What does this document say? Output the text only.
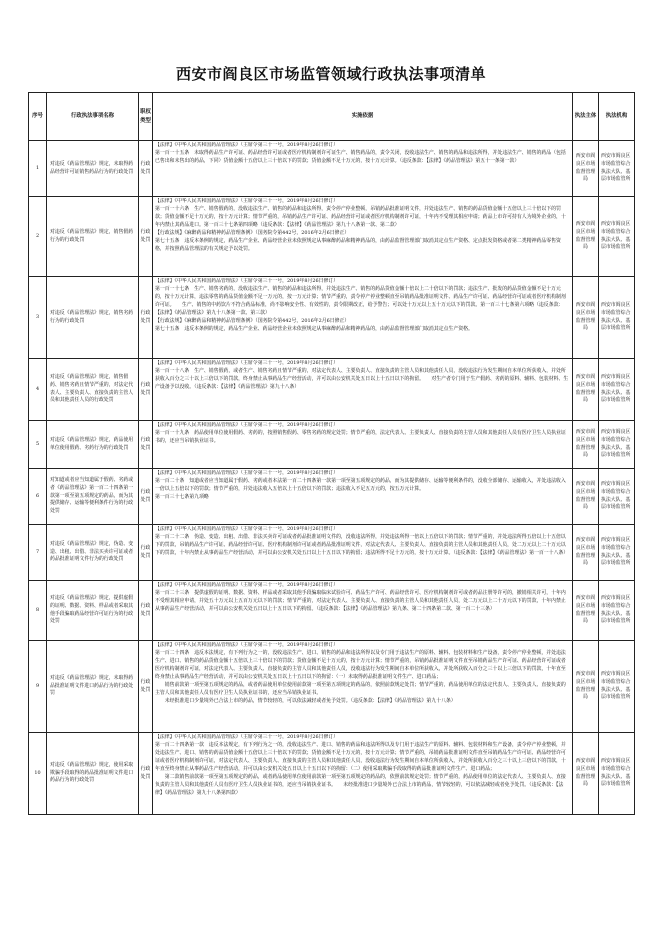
西安市阎良区市场监管领域行政执法事项清单
序号	行政执法事项名称	职权类型	实施依据	执法主体	执法机构
1	对违反《药品管理法》规定，未取得药品经营许可证销售药品行为的行政处罚	行政处罚	【法律】《中华人民共和国药品管理法》（主席令第三十一号，2019年8月26日修订）
第一百一十五条　未取得药品生产许可证、药品经营许可证或者医疗机构制剂许可证生产、销售药品的，责令关闭，没收违法生产、销售的药品和违法所得，并处违法生产、销售的药品（包括已售出和未售出的药品，下同）货值金额十五倍以上三十倍以下的罚款；货值金额不足十万元的，按十万元计算。（违反条款：【法律】《药品管理法》第五十一条第一款）	西安市阎良区市场监督管理局	西安市阎良区市场监管综合执法大队、基层市场监管所
2	对违反《药品管理法》规定，销售假药行为的行政处罚	行政处罚	【法律】《中华人民共和国药品管理法》（主席令第三十一号，2019年8月26日修订）
第一百一十六条　生产、销售假药的，没收违法生产、销售的药品和违法所得，责令停产停业整顿，吊销药品批准证明文件，并处违法生产、销售的药品货值金额十五倍以上三十倍以下的罚款；货值金额不足十万元的，按十万元计算；情节严重的，吊销药品生产许可证、药品经营许可证或者医疗机构制剂许可证，十年内不受理其相应申请；药品上市许可持有人为境外企业的，十年内禁止其药品进口。第一百三十七条第四项略（违反条款：【法律】《药品管理法》第九十八条第一款、第二款）
【行政法规】《麻醉药品和精神药品管理条例》（国务院令第442号，2016年2月6日修正）
第七十五条　违反本条例的规定，药品生产企业、药品经营企业未依照规定从事麻醉药品和精神药品的，由药品监督管理部门取消其定点生产资格、定点批发资格或者第二类精神药品零售资格，并按照药品管理法的有关规定予以处罚。	西安市阎良区市场监督管理局	西安市阎良区市场监管综合执法大队、基层市场监管所
3	对违反《药品管理法》规定，销售劣药行为的行政处罚	行政处罚	【法律】《中华人民共和国药品管理法》（主席令第三十一号，2019年8月26日修订）
第一百一十七条　生产、销售劣药的，没收违法生产、销售的药品和违法所得，并处违法生产、销售的药品货值金额十倍以上二十倍以下的罚款；违法生产、批发的药品货值金额不足十万元的，按十万元计算，违法零售的药品货值金额不足一万元的，按一万元计算；情节严重的，责令停产停业整顿直至吊销药品批准证明文件、药品生产许可证、药品经营许可证或者医疗机构制剂许可证。　　生产、销售的中药饮片不符合药品标准，尚不影响安全性、有效性的，责令限期改正，给予警告；可以处十万元以上五十万元以下的罚款。第一百三十七条第六项略（违反条款：【法律】《药品管理法》第九十八条第一款、第三款）
【行政法规】《麻醉药品和精神药品管理条例》（国务院令第442号，2016年2月6日修正）
第七十五条　违反本条例的规定，药品生产企业、药品经营企业未依照规定从事麻醉药品和精神药品的，由药品监督管理部门取消其定点生产资格。	西安市阎良区市场监督管理局	西安市阎良区市场监管综合执法大队、基层市场监管所
4	对违反《药品管理法》规定，销售假药、销售劣药且情节严重的，对法定代表人、主要负责人、直接负责的主管人员和其他责任人员的行政处罚	行政处罚	【法律】《中华人民共和国药品管理法》（主席令第三十一号，2019年8月26日修订）
第一百一十八条　生产、销售假药，或者生产、销售劣药且情节严重的，对法定代表人、主要负责人、直接负责的主管人员和其他责任人员，没收违法行为发生期间自本单位所获收入，并处所获收入百分之三十以上三倍以下的罚款，终身禁止从事药品生产经营活动，并可以由公安机关处五日以上十五日以下的拘留。　　对生产者专门用于生产假药、劣药的原料、辅料、包装材料、生产设备予以没收。（违反条款：【法律】《药品管理法》第九十八条）	西安市阎良区市场监督管理局	西安市阎良区市场监管综合执法大队、基层市场监管所
5	对违反《药品管理法》规定，药品使用单位使用假药、劣药行为的行政处罚	行政处罚	【法律】《中华人民共和国药品管理法》（主席令第三十一号，2019年8月26日修订）
第一百一十九条　药品使用单位使用假药、劣药的，按照销售假药、零售劣药的规定处罚；情节严重的，法定代表人、主要负责人、直接负责的主管人员和其他责任人员有医疗卫生人员执业证书的，还应当吊销执业证书。	西安市阎良区市场监督管理局	西安市阎良区市场监管综合执法大队、基层市场监管所
6	对知道或者应当知道属于假药、劣药或者《药品管理法》第一百二十四条第一款第一项至第五项规定的药品，而为其提供储存、运输等便利条件行为的行政处罚	行政处罚	【法律】《中华人民共和国药品管理法》（主席令第三十一号，2019年8月26日修订）
第一百二十条　知道或者应当知道属于假药、劣药或者本法第一百二十四条第一款第一项至第五项规定的药品，而为其提供储存、运输等便利条件的，没收全部储存、运输收入，并处违法收入一倍以上五倍以下的罚款；情节严重的，并处违法收入五倍以上十五倍以下的罚款；违法收入不足五万元的，按五万元计算。
第一百三十七条第九项略	西安市阎良区市场监督管理局	西安市阎良区市场监管综合执法大队、基层市场监管所
7	对违反《药品管理法》规定，伪造、变造、出租、出借、非法买卖许可证或者药品批准证明文件行为的行政处罚	行政处罚	【法律】《中华人民共和国药品管理法》（主席令第三十一号，2019年8月26日修订）
第一百二十二条　伪造、变造、出租、出借、非法买卖许可证或者药品批准证明文件的，没收违法所得，并处违法所得一倍以上五倍以下的罚款；情节严重的，并处违法所得五倍以上十五倍以下的罚款，吊销药品生产许可证、药品经营许可证、医疗机构制剂许可证或者药品批准证明文件，对法定代表人、主要负责人、直接负责的主管人员和其他责任人员，处二万元以上二十万元以下的罚款，十年内禁止从事药品生产经营活动，并可以由公安机关处五日以上十五日以下的拘留；违法所得不足十万元的，按十万元计算。（违反条款：【法律】《药品管理法》第一百一十八条）	西安市阎良区市场监督管理局	西安市阎良区市场监管综合执法大队、基层市场监管所
8	对违反《药品管理法》规定，提供虚假的证明、数据、资料、样品或者采取其他手段骗取药品经营许可证行为的行政处罚	行政处罚	【法律】《中华人民共和国药品管理法》（主席令第三十一号，2019年8月26日修订）
第一百二十三条　提供虚假的证明、数据、资料、样品或者采取其他手段骗取临床试验许可、药品生产许可、药品经营许可、医疗机构制剂许可或者药品注册等许可的，撤销相关许可，十年内不受理其相应申请，并处五十万元以上五百万元以下的罚款；情节严重的，对法定代表人、主要负责人、直接负责的主管人员和其他责任人员，处二万元以上二十万元以下的罚款，十年内禁止从事药品生产经营活动，并可以由公安机关处五日以上十五日以下的拘留。（违反条款：【法律】《药品管理法》第九条、第二十四条第二款、第一百二十三条）	西安市阎良区市场监督管理局	西安市阎良区市场监管综合执法大队、基层市场监管所
9	对违反《药品管理法》规定，未取得药品批准证明文件进口药品行为的行政处罚	行政处罚	【法律】《中华人民共和国药品管理法》（主席令第三十一号，2019年8月26日修订）
第一百二十四条　违反本法规定，有下列行为之一的，没收违法生产、进口、销售的药品和违法所得以及专门用于违法生产的原料、辅料、包装材料和生产设备，责令停产停业整顿，并处违法生产、进口、销售的药品货值金额十五倍以上三十倍以下的罚款；货值金额不足十万元的，按十万元计算；情节严重的，吊销药品批准证明文件直至吊销药品生产许可证、药品经营许可证或者医疗机构制剂许可证，对法定代表人、主要负责人、直接负责的主管人员和其他责任人员，没收违法行为发生期间自本单位所获收入，并处所获收入百分之三十以上三倍以下的罚款，十年直至终身禁止从事药品生产经营活动，并可以由公安机关处五日以上十五日以下的拘留：（一）未取得药品批准证明文件生产、进口药品；
　　销售前款第一项至第五项规定的药品，或者药品使用单位使用前款第一项至第五项规定的药品的，依照前款规定处罚；情节严重的，药品使用单位的法定代表人、主要负责人、直接负责的主管人员和其他责任人员有医疗卫生人员执业证书的，还应当吊销执业证书。
　　未经批准进口少量境外已合法上市的药品，情节较轻的，可以依法减轻或者免予处罚。（违反条款：【法律】《药品管理法》第九十八条）	西安市阎良区市场监督管理局	西安市阎良区市场监管综合执法大队、基层市场监管所
10	对违反《药品管理法》规定，使用采取欺骗手段取得的药品批准证明文件进口药品行为的行政处罚	行政处罚	【法律】《中华人民共和国药品管理法》（主席令第三十一号，2019年8月26日修订）
第一百二十四条第一款　违反本法规定，有下列行为之一的，没收违法生产、进口、销售的药品和违法所得以及专门用于违法生产的原料、辅料、包装材料和生产设备，责令停产停业整顿，并处违法生产、进口、销售的药品货值金额十五倍以上三十倍以下的罚款；货值金额不足十万元的，按十万元计算；情节严重的，吊销药品批准证明文件直至吊销药品生产许可证、药品经营许可证或者医疗机构制剂许可证，对法定代表人、主要负责人、直接负责的主管人员和其他责任人员，没收违法行为发生期间自本单位所获收入，并处所获收入百分之三十以上三倍以下的罚款，十年直至终身禁止从事药品生产经营活动，并可以由公安机关处五日以上十五日以下的拘留：（二）使用采取欺骗手段取得的药品批准证明文件生产、进口药品；
　　第二款销售前款第一项至第五项规定的药品，或者药品使用单位使用前款第一项至第五项规定的药品的，依照前款规定处罚；情节严重的，药品使用单位的法定代表人、主要负责人、直接负责的主管人员和其他责任人员有医疗卫生人员执业证书的，还应当吊销执业证书。　　未经批准进口少量境外已合法上市的药品，情节较轻的，可以依法减轻或者免予处罚。（违反条款：【法律】《药品管理法》第九十八条第四款）	西安市阎良区市场监督管理局	西安市阎良区市场监管综合执法大队、基层市场监管所
